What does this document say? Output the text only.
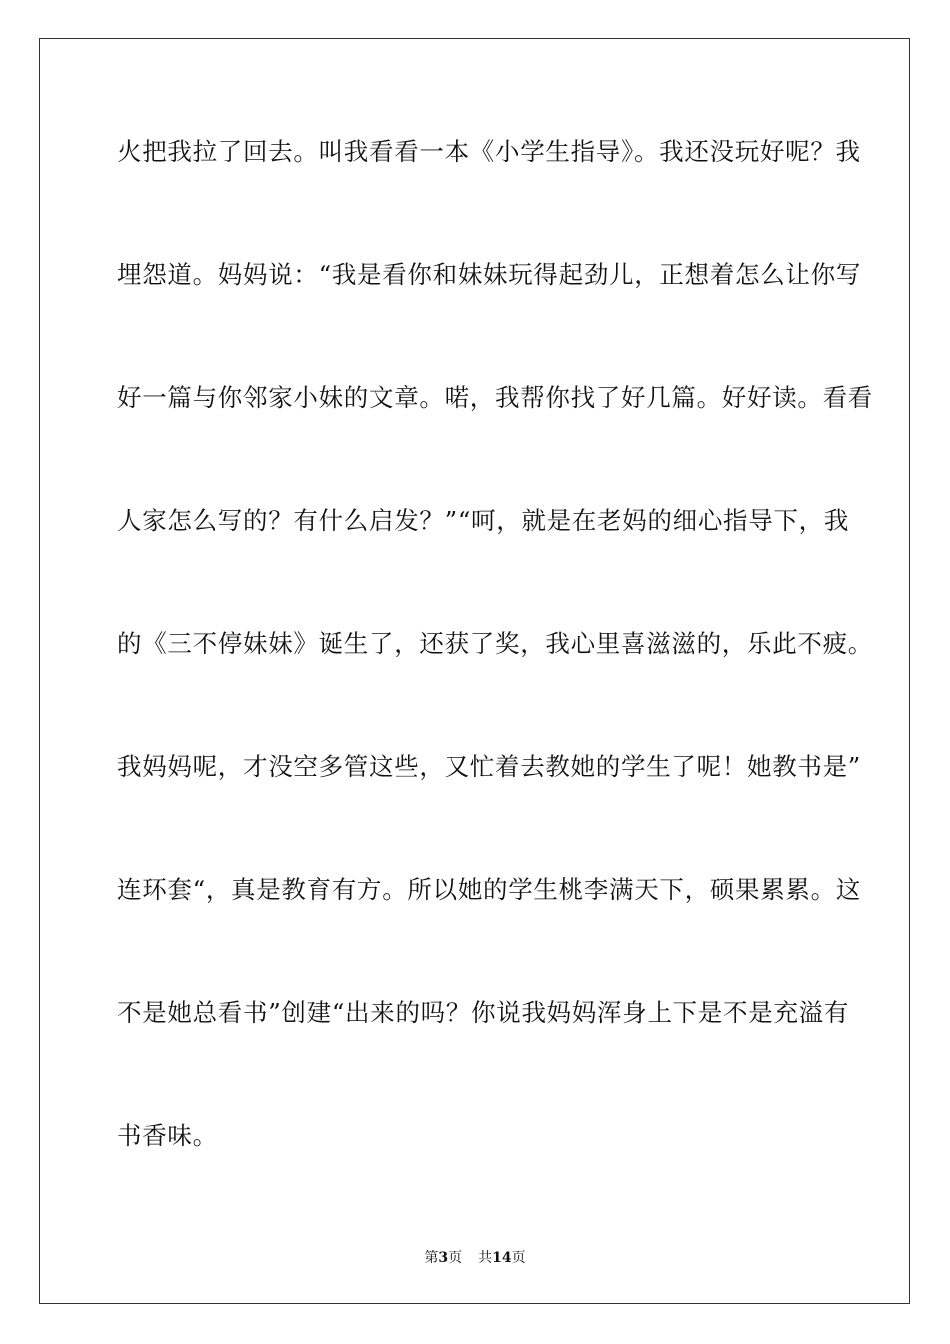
火把我拉了回去。叫我看看一本《小学生指导》。我还没玩好呢？我
埋怨道。妈妈说：“我是看你和妹妹玩得起劲儿，正想着怎么让你写
好一篇与你邻家小妹的文章。喏，我帮你找了好几篇。好好读。看看
人家怎么写的？有什么启发？”“呵，就是在老妈的细心指导下，我
的《三不停妹妹》诞生了，还获了奖，我心里喜滋滋的，乐此不疲。
我妈妈呢，才没空多管这些，又忙着去教她的学生了呢！她教书是”
连环套“，真是教育有方。所以她的学生桃李满天下，硕果累累。这
不是她总看书”创建“出来的吗？你说我妈妈浑身上下是不是充溢有
书香味。
第3页 共14页
